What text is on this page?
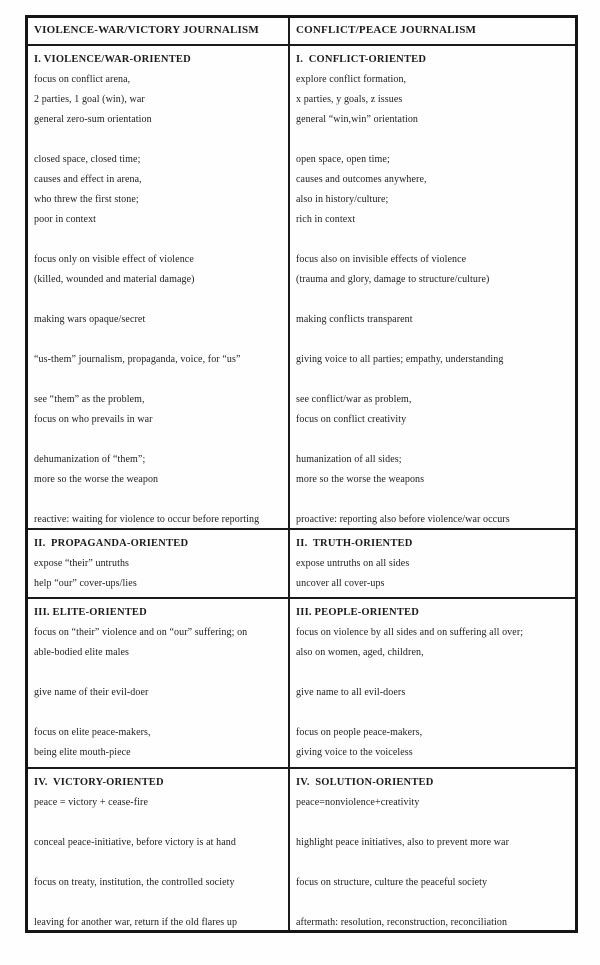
VIOLENCE-WAR/VICTORY JOURNALISM	CONFLICT/PEACE JOURNALISM
I. VIOLENCE/WAR-ORIENTED
focus on conflict arena,
2 parties, 1 goal (win), war
general zero-sum orientation
closed space, closed time;
causes and effect in arena,
who threw the first stone;
poor in context
focus only on visible effect of violence
(killed, wounded and material damage)
making wars opaque/secret
“us-them” journalism, propaganda, voice, for “us”
see “them” as the problem,
focus on who prevails in war
dehumanization of “them”;
more so the worse the weapon
reactive: waiting for violence to occur before reporting
I.  CONFLICT-ORIENTED
explore conflict formation,
x parties, y goals, z issues
general “win,win” orientation
open space, open time;
causes and outcomes anywhere,
also in history/culture;
rich in context
focus also on invisible effects of violence
(trauma and glory, damage to structure/culture)
making conflicts transparent
giving voice to all parties; empathy, understanding
see conflict/war as problem,
focus on conflict creativity
humanization of all sides;
more so the worse the weapons
proactive: reporting also before violence/war occurs
II.  PROPAGANDA-ORIENTED
expose “their” untruths
help “our” cover-ups/lies
II.  TRUTH-ORIENTED
expose untruths on all sides
uncover all cover-ups
III. ELITE-ORIENTED
focus on “their” violence and on “our” suffering; on
able-bodied elite males
give name of their evil-doer
focus on elite peace-makers,
being elite mouth-piece
III. PEOPLE-ORIENTED
focus on violence by all sides and on suffering all over;
also on women, aged, children,
give name to all evil-doers
focus on people peace-makers,
giving voice to the voiceless
IV.  VICTORY-ORIENTED
peace = victory + cease-fire
conceal peace-initiative, before victory is at hand
focus on treaty, institution, the controlled society
leaving for another war, return if the old flares up
IV.  SOLUTION-ORIENTED
peace=nonviolence+creativity
highlight peace initiatives, also to prevent more war
focus on structure, culture the peaceful society
aftermath: resolution, reconstruction, reconciliation
